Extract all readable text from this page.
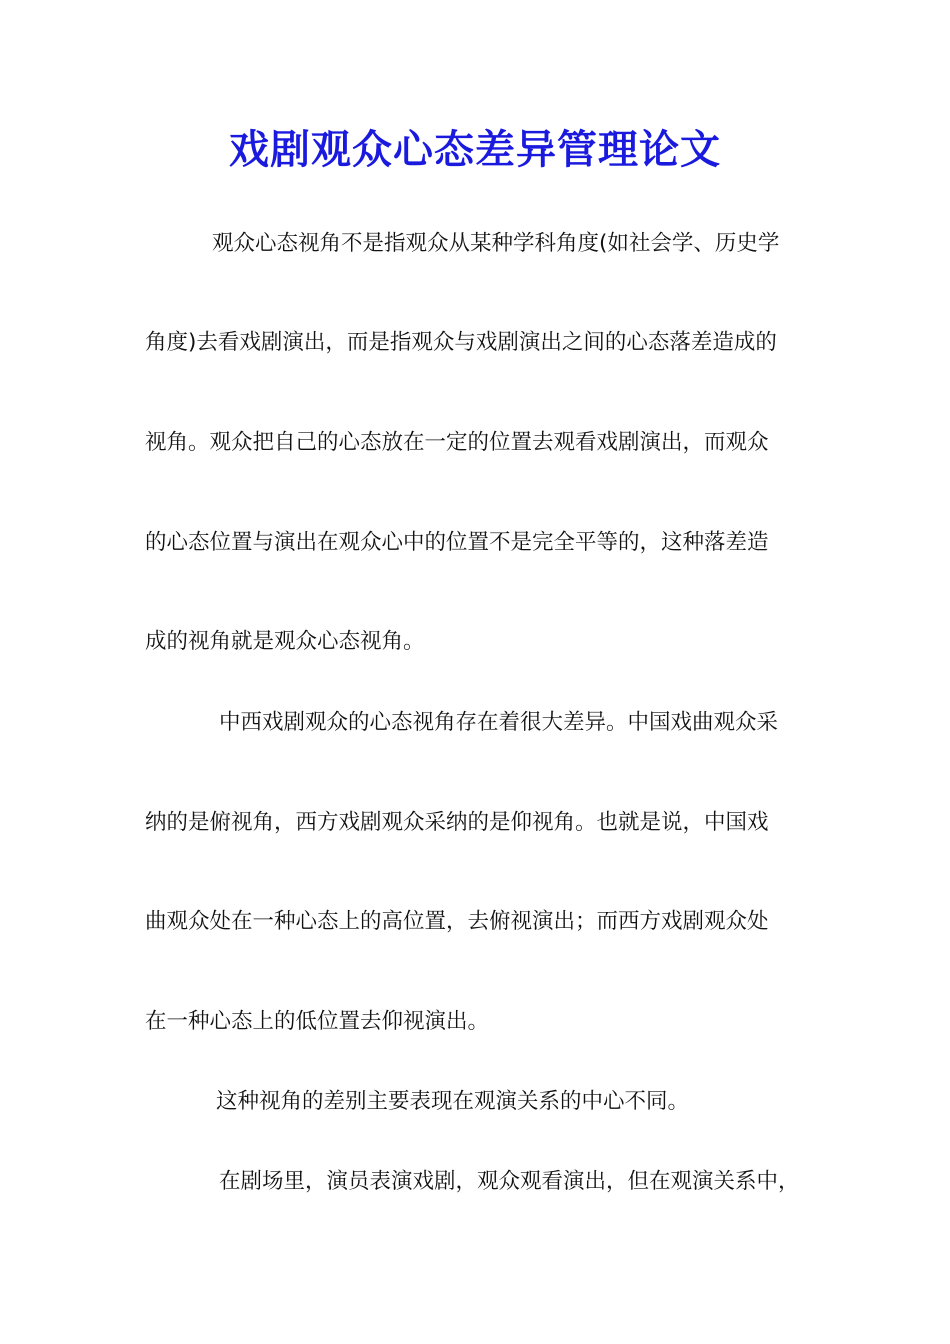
戏剧观众心态差异管理论文
观众心态视角不是指观众从某种学科角度(如社会学、历史学
角度)去看戏剧演出，而是指观众与戏剧演出之间的心态落差造成的
视角。观众把自己的心态放在一定的位置去观看戏剧演出，而观众
的心态位置与演出在观众心中的位置不是完全平等的，这种落差造
成的视角就是观众心态视角。
中西戏剧观众的心态视角存在着很大差异。中国戏曲观众采
纳的是俯视角，西方戏剧观众采纳的是仰视角。也就是说，中国戏
曲观众处在一种心态上的高位置，去俯视演出；而西方戏剧观众处
在一种心态上的低位置去仰视演出。
这种视角的差别主要表现在观演关系的中心不同。
在剧场里，演员表演戏剧，观众观看演出，但在观演关系中，
